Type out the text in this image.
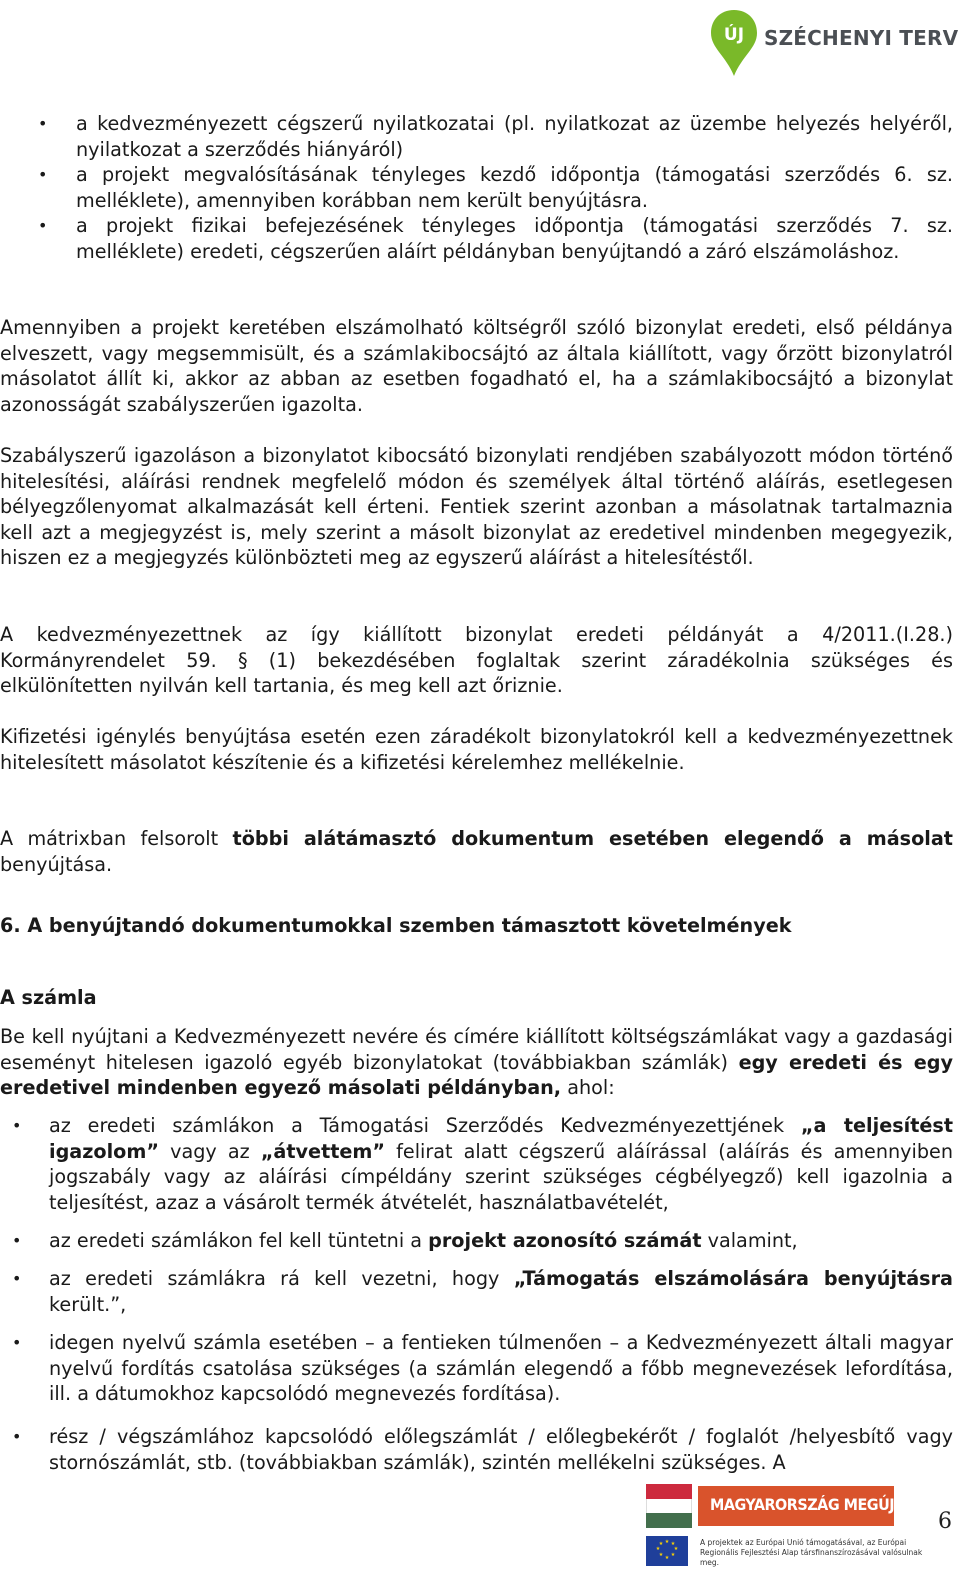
ÚJ SZÉCHENYI TERV
• a kedvezményezett cégszerű nyilatkozatai (pl. nyilatkozat az üzembe helyezés helyéről, nyilatkozat a szerződés hiányáról)
• a projekt megvalósításának tényleges kezdő időpontja (támogatási szerződés 6. sz. melléklete), amennyiben korábban nem került benyújtásra.
• a projekt fizikai befejezésének tényleges időpontja (támogatási szerződés 7. sz. melléklete) eredeti, cégszerűen aláírt példányban benyújtandó a záró elszámoláshoz.

Amennyiben a projekt keretében elszámolható költségről szóló bizonylat eredeti, első példánya elveszett, vagy megsemmisült, és a számlakibocsájtó az általa kiállított, vagy őrzött bizonylatról másolatot állít ki, akkor az abban az esetben fogadható el, ha a számlakibocsájtó a bizonylat azonosságát szabályszerűen igazolta.

Szabályszerű igazoláson a bizonylatot kibocsátó bizonylati rendjében szabályozott módon történő hitelesítési, aláírási rendnek megfelelő módon és személyek által történő aláírás, esetlegesen bélyegzőlenyomat alkalmazását kell érteni. Fentiek szerint azonban a másolatnak tartalmaznia kell azt a megjegyzést is, mely szerint a másolt bizonylat az eredetivel mindenben megegyezik, hiszen ez a megjegyzés különbözteti meg az egyszerű aláírást a hitelesítéstől.

A kedvezményezettnek az így kiállított bizonylat eredeti példányát a 4/2011.(I.28.) Kormányrendelet 59. § (1) bekezdésében foglaltak szerint záradékolnia szükséges és elkülönítetten nyilván kell tartania, és meg kell azt őriznie.

Kifizetési igénylés benyújtása esetén ezen záradékolt bizonylatokról kell a kedvezményezettnek hitelesített másolatot készítenie és a kifizetési kérelemhez mellékelnie.

A mátrixban felsorolt többi alátámasztó dokumentum esetében elegendő a másolat benyújtása.

6. A benyújtandó dokumentumokkal szemben támasztott követelmények
A számla

Be kell nyújtani a Kedvezményezett nevére és címére kiállított költségszámlákat vagy a gazdasági eseményt hitelesen igazoló egyéb bizonylatokat (továbbiakban számlák) egy eredeti és egy eredetivel mindenben egyező másolati példányban, ahol:

• az eredeti számlákon a Támogatási Szerződés Kedvezményezettjének „a teljesítést igazolom” vagy az „átvettem” felirat alatt cégszerű aláírással (aláírás és amennyiben jogszabály vagy az aláírási címpéldány szerint szükséges cégbélyegző) kell igazolnia a teljesítést, azaz a vásárolt termék átvételét, használatbavételét,
• az eredeti számlákon fel kell tüntetni a projekt azonosító számát valamint,
• az eredeti számlákra rá kell vezetni, hogy „Támogatás elszámolására benyújtásra került.”,
• idegen nyelvű számla esetében – a fentieken túlmenően – a Kedvezményezett általi magyar nyelvű fordítás csatolása szükséges (a számlán elegendő a főbb megnevezések lefordítása, ill. a dátumokhoz kapcsolódó megnevezés fordítása).
• rész / végszámlához kapcsolódó előlegszámlát / előlegbekérőt / foglalót /helyesbítő vagy stornószámlát, stb. (továbbiakban számlák), szintén mellékelni szükséges. A
MAGYARORSZÁG MEGÚJUL
★ ★
★
★
★
★
★
★	A projektek az Európai Unió támogatásával, az Európai
Regionális Fejlesztési Alap társfinanszírozásával valósulnak meg.
6
